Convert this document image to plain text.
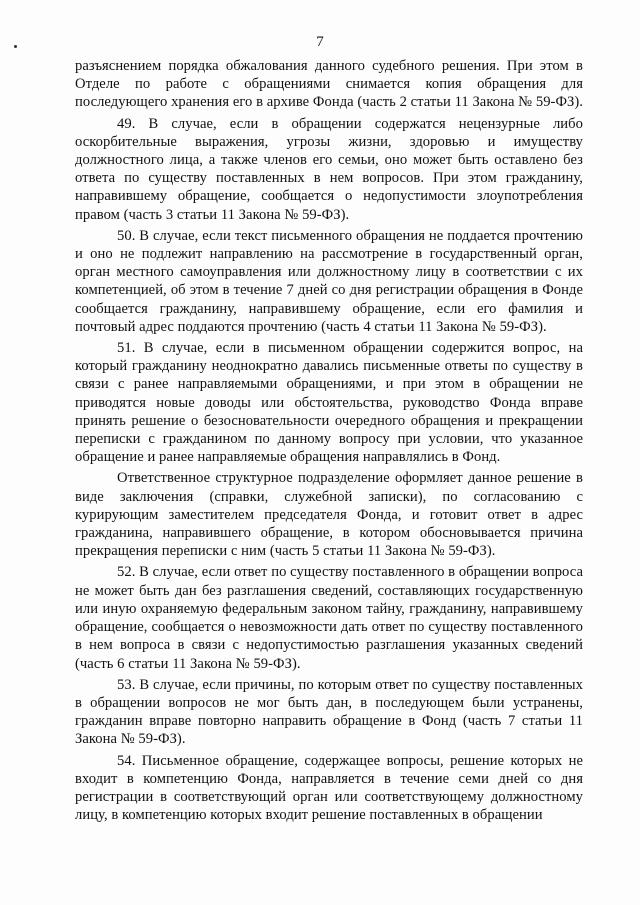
7

разъяснением порядка обжалования данного судебного решения. При этом в Отделе по работе с обращениями снимается копия обращения для последующего хранения его в архиве Фонда (часть 2 статьи 11 Закона № 59-ФЗ).

49. В случае, если в обращении содержатся нецензурные либо оскорбительные выражения, угрозы жизни, здоровью и имуществу должностного лица, а также членов его семьи, оно может быть оставлено без ответа по существу поставленных в нем вопросов. При этом гражданину, направившему обращение, сообщается о недопустимости злоупотребления правом (часть 3 статьи 11 Закона № 59-ФЗ).

50. В случае, если текст письменного обращения не поддается прочтению и оно не подлежит направлению на рассмотрение в государственный орган, орган местного самоуправления или должностному лицу в соответствии с их компетенцией, об этом в течение 7 дней со дня регистрации обращения в Фонде сообщается гражданину, направившему обращение, если его фамилия и почтовый адрес поддаются прочтению (часть 4 статьи 11 Закона № 59-ФЗ).

51. В случае, если в письменном обращении содержится вопрос, на который гражданину неоднократно давались письменные ответы по существу в связи с ранее направляемыми обращениями, и при этом в обращении не приводятся новые доводы или обстоятельства, руководство Фонда вправе принять решение о безосновательности очередного обращения и прекращении переписки с гражданином по данному вопросу при условии, что указанное обращение и ранее направляемые обращения направлялись в Фонд.

Ответственное структурное подразделение оформляет данное решение в виде заключения (справки, служебной записки), по согласованию с курирующим заместителем председателя Фонда, и готовит ответ в адрес гражданина, направившего обращение, в котором обосновывается причина прекращения переписки с ним (часть 5 статьи 11 Закона № 59-ФЗ).

52. В случае, если ответ по существу поставленного в обращении вопроса не может быть дан без разглашения сведений, составляющих государственную или иную охраняемую федеральным законом тайну, гражданину, направившему обращение, сообщается о невозможности дать ответ по существу поставленного в нем вопроса в связи с недопустимостью разглашения указанных сведений (часть 6 статьи 11 Закона № 59-ФЗ).

53. В случае, если причины, по которым ответ по существу поставленных в обращении вопросов не мог быть дан, в последующем были устранены, гражданин вправе повторно направить обращение в Фонд (часть 7 статьи 11 Закона № 59-ФЗ).

54. Письменное обращение, содержащее вопросы, решение которых не входит в компетенцию Фонда, направляется в течение семи дней со дня регистрации в соответствующий орган или соответствующему должностному лицу, в компетенцию которых входит решение поставленных в обращении
